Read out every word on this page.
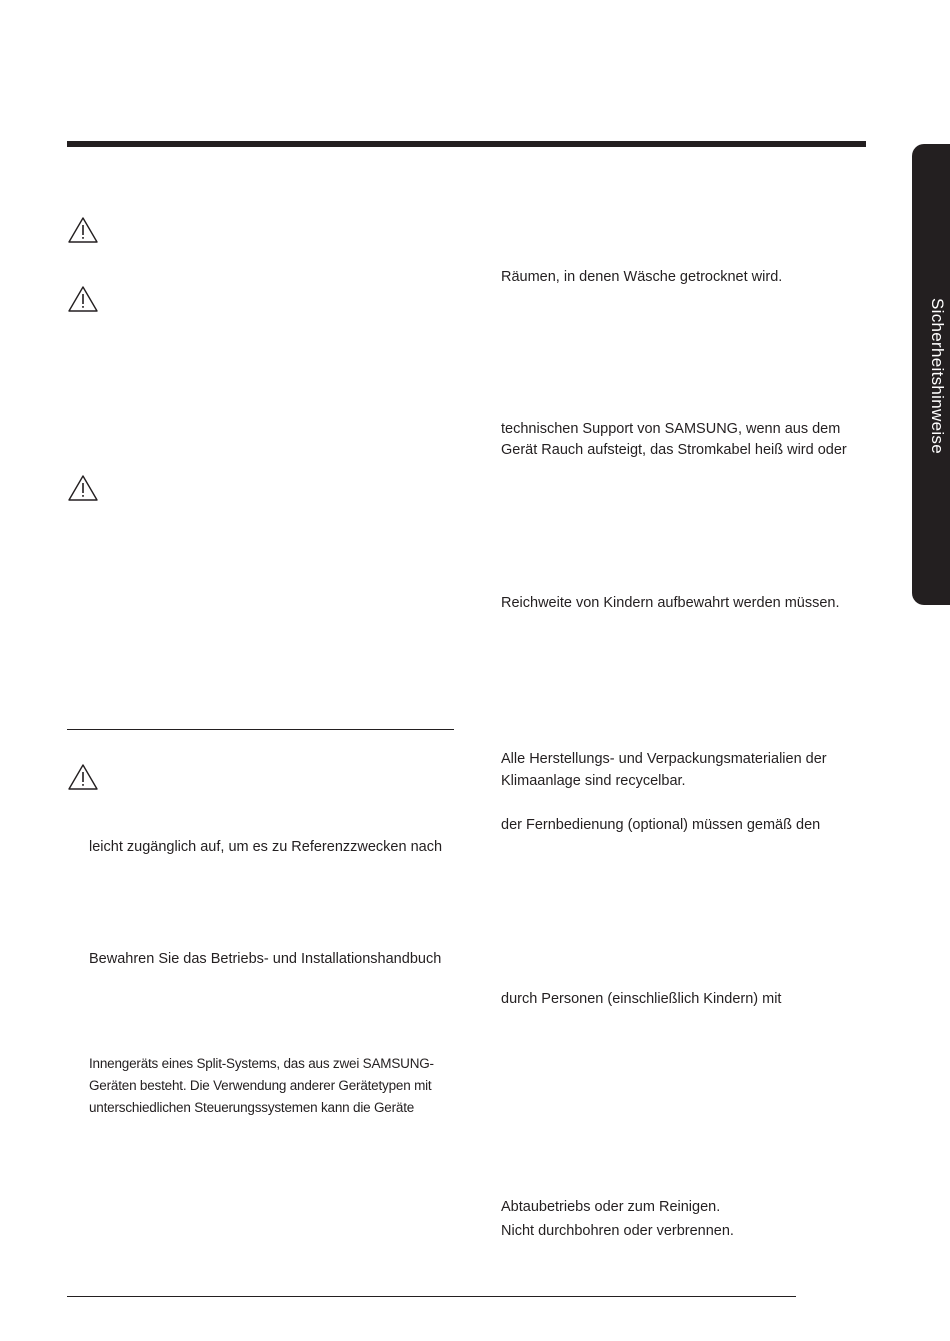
Sicherheitshinweise

leicht zugänglich auf, um es zu Referenzzwecken nach

Bewahren Sie das Betriebs- und Installationshandbuch

Innengeräts eines Split-Systems, das aus zwei SAMSUNG-

Geräten besteht. Die Verwendung anderer Gerätetypen mit

unterschiedlichen Steuerungssystemen kann die Geräte

Räumen, in denen Wäsche getrocknet wird.

technischen Support von SAMSUNG, wenn aus dem

Gerät Rauch aufsteigt, das Stromkabel heiß wird oder

Reichweite von Kindern aufbewahrt werden müssen.

Alle Herstellungs- und Verpackungsmaterialien der

Klimaanlage sind recycelbar.

der Fernbedienung (optional) müssen gemäß den

durch Personen (einschließlich Kindern) mit

Abtaubetriebs oder zum Reinigen.

Nicht durchbohren oder verbrennen.
